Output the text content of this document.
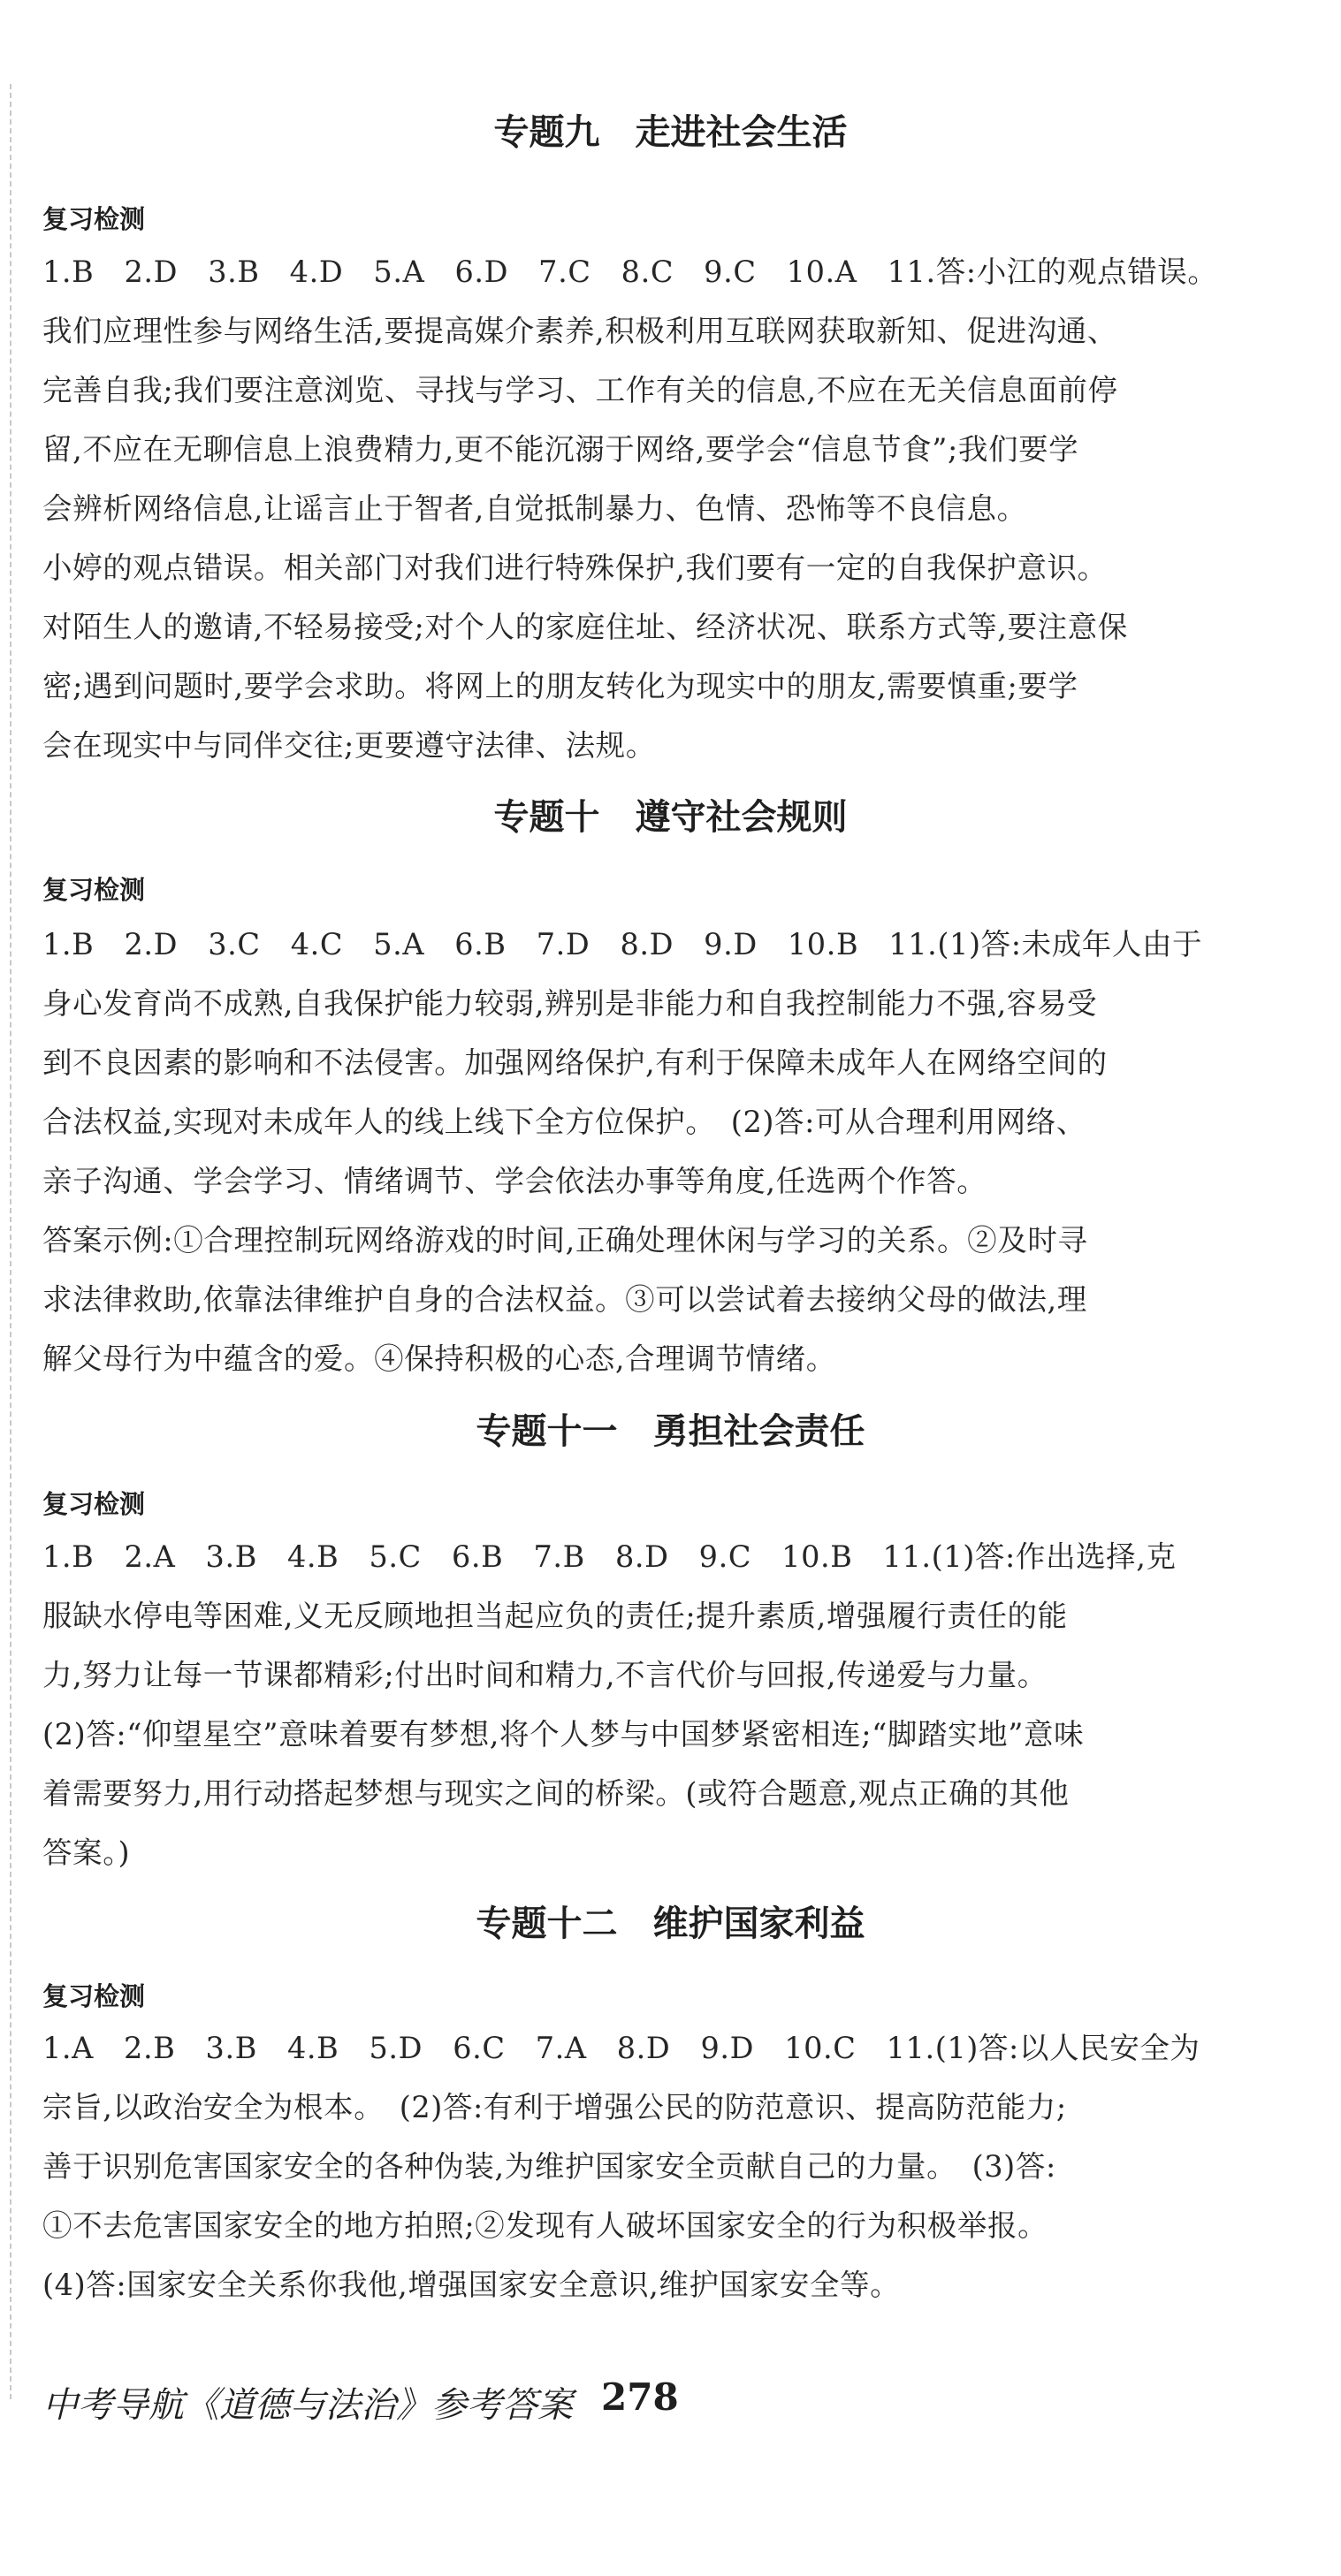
专题九　走进社会生活
复习检测

1.B　2.D　3.B　4.D　5.A　6.D　7.C　8.C　9.C　10.A　11.答:小江的观点错误。

我们应理性参与网络生活,要提高媒介素养,积极利用互联网获取新知、促进沟通、

完善自我;我们要注意浏览、寻找与学习、工作有关的信息,不应在无关信息面前停

留,不应在无聊信息上浪费精力,更不能沉溺于网络,要学会“信息节食”;我们要学

会辨析网络信息,让谣言止于智者,自觉抵制暴力、色情、恐怖等不良信息。

小婷的观点错误。相关部门对我们进行特殊保护,我们要有一定的自我保护意识。

对陌生人的邀请,不轻易接受;对个人的家庭住址、经济状况、联系方式等,要注意保

密;遇到问题时,要学会求助。将网上的朋友转化为现实中的朋友,需要慎重;要学

会在现实中与同伴交往;更要遵守法律、法规。

专题十　遵守社会规则
复习检测

1.B　2.D　3.C　4.C　5.A　6.B　7.D　8.D　9.D　10.B　11.(1)答:未成年人由于

身心发育尚不成熟,自我保护能力较弱,辨别是非能力和自我控制能力不强,容易受

到不良因素的影响和不法侵害。加强网络保护,有利于保障未成年人在网络空间的

合法权益,实现对未成年人的线上线下全方位保护。　(2)答:可从合理利用网络、

亲子沟通、学会学习、情绪调节、学会依法办事等角度,任选两个作答。

答案示例:①合理控制玩网络游戏的时间,正确处理休闲与学习的关系。②及时寻

求法律救助,依靠法律维护自身的合法权益。③可以尝试着去接纳父母的做法,理

解父母行为中蕴含的爱。④保持积极的心态,合理调节情绪。

专题十一　勇担社会责任
复习检测

1.B　2.A　3.B　4.B　5.C　6.B　7.B　8.D　9.C　10.B　11.(1)答:作出选择,克

服缺水停电等困难,义无反顾地担当起应负的责任;提升素质,增强履行责任的能

力,努力让每一节课都精彩;付出时间和精力,不言代价与回报,传递爱与力量。

(2)答:“仰望星空”意味着要有梦想,将个人梦与中国梦紧密相连;“脚踏实地”意味

着需要努力,用行动搭起梦想与现实之间的桥梁。(或符合题意,观点正确的其他

答案。)

专题十二　维护国家利益
复习检测

1.A　2.B　3.B　4.B　5.D　6.C　7.A　8.D　9.D　10.C　11.(1)答:以人民安全为

宗旨,以政治安全为根本。　(2)答:有利于增强公民的防范意识、提高防范能力;

善于识别危害国家安全的各种伪装,为维护国家安全贡献自己的力量。　(3)答:

①不去危害国家安全的地方拍照;②发现有人破坏国家安全的行为积极举报。

(4)答:国家安全关系你我他,增强国家安全意识,维护国家安全等。

中考导航《道德与法治》参考答案 278
